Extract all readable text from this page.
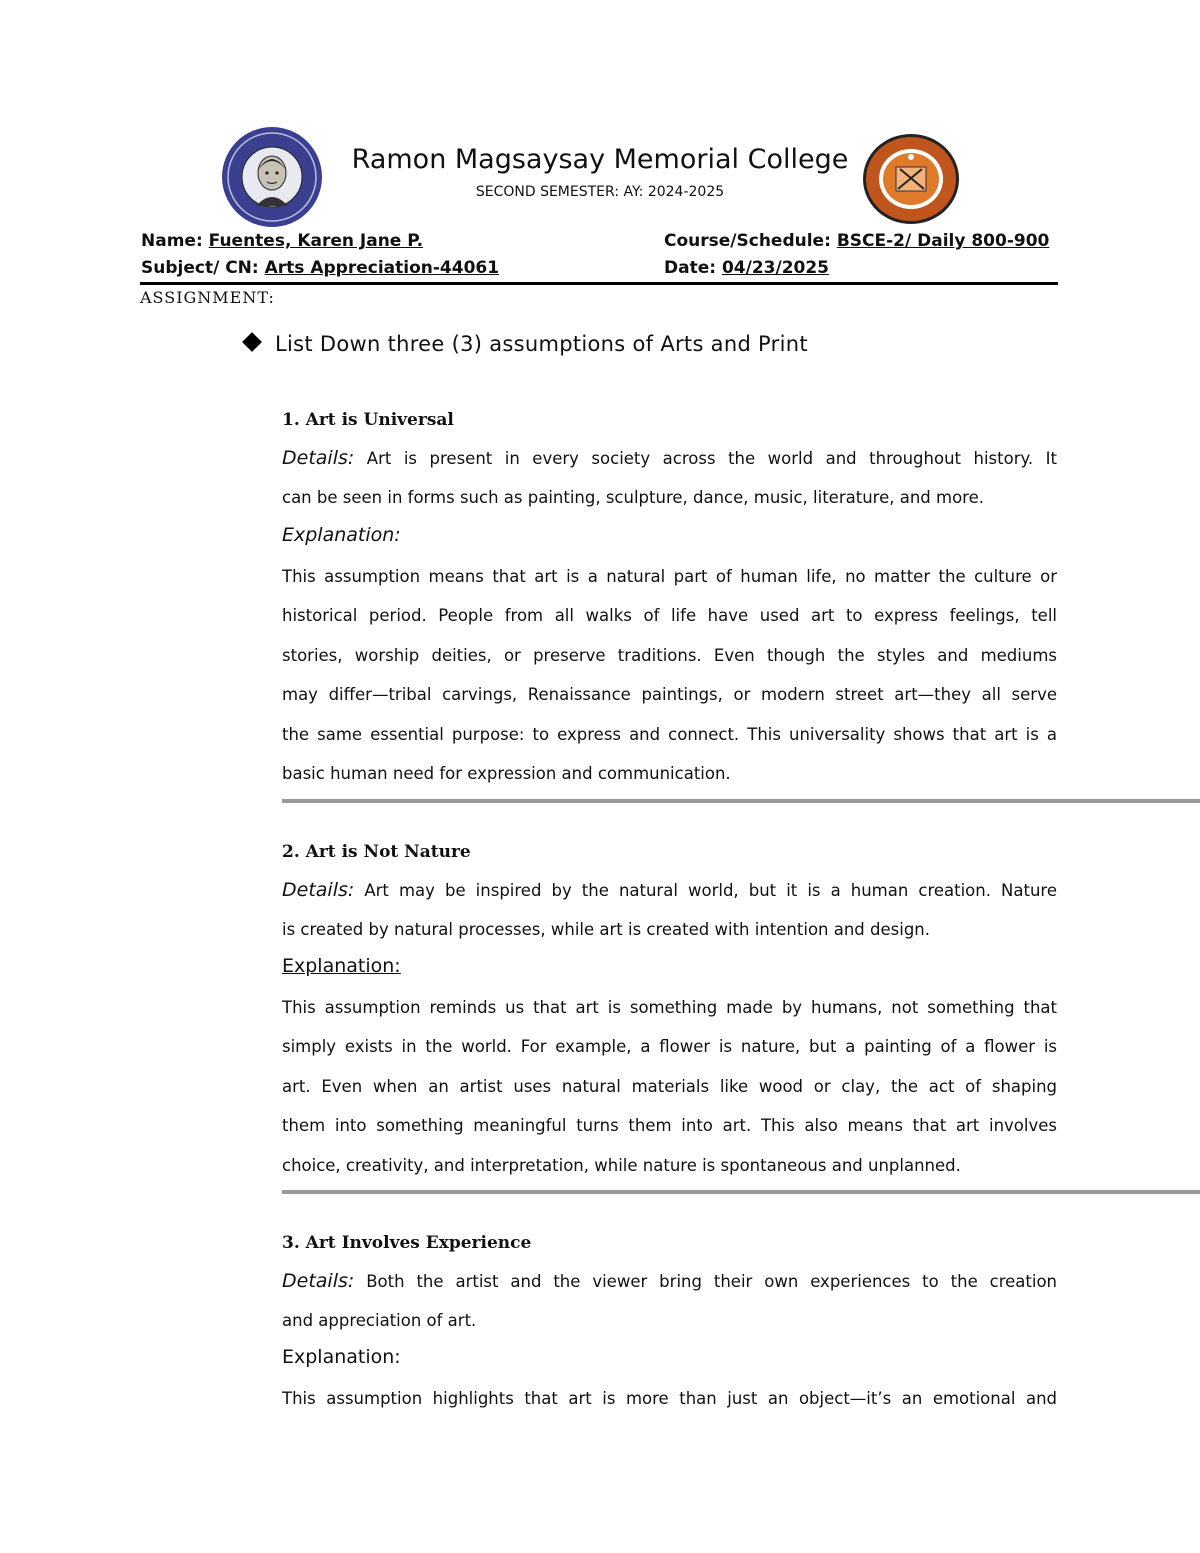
Ramon Magsaysay Memorial College
SECOND SEMESTER: AY: 2024-2025
Name: Fuentes, Karen Jane P.	Course/Schedule: BSCE-2/ Daily 800-900
Subject/ CN: Arts Appreciation-44061	Date: 04/23/2025
ASSIGNMENT:
List Down three (3) assumptions of Arts and Print
1. Art is Universal
Details: Art is present in every society across the world and throughout history. It
can be seen in forms such as painting, sculpture, dance, music, literature, and more.
Explanation:
This assumption means that art is a natural part of human life, no matter the culture or
historical period. People from all walks of life have used art to express feelings, tell
stories, worship deities, or preserve traditions. Even though the styles and mediums
may differ—tribal carvings, Renaissance paintings, or modern street art—they all serve
the same essential purpose: to express and connect. This universality shows that art is a
basic human need for expression and communication.
2. Art is Not Nature
Details: Art may be inspired by the natural world, but it is a human creation. Nature
is created by natural processes, while art is created with intention and design.
Explanation:
This assumption reminds us that art is something made by humans, not something that
simply exists in the world. For example, a flower is nature, but a painting of a flower is
art. Even when an artist uses natural materials like wood or clay, the act of shaping
them into something meaningful turns them into art. This also means that art involves
choice, creativity, and interpretation, while nature is spontaneous and unplanned.
3. Art Involves Experience
Details: Both the artist and the viewer bring their own experiences to the creation
and appreciation of art.
Explanation:
This assumption highlights that art is more than just an object—it’s an emotional and
